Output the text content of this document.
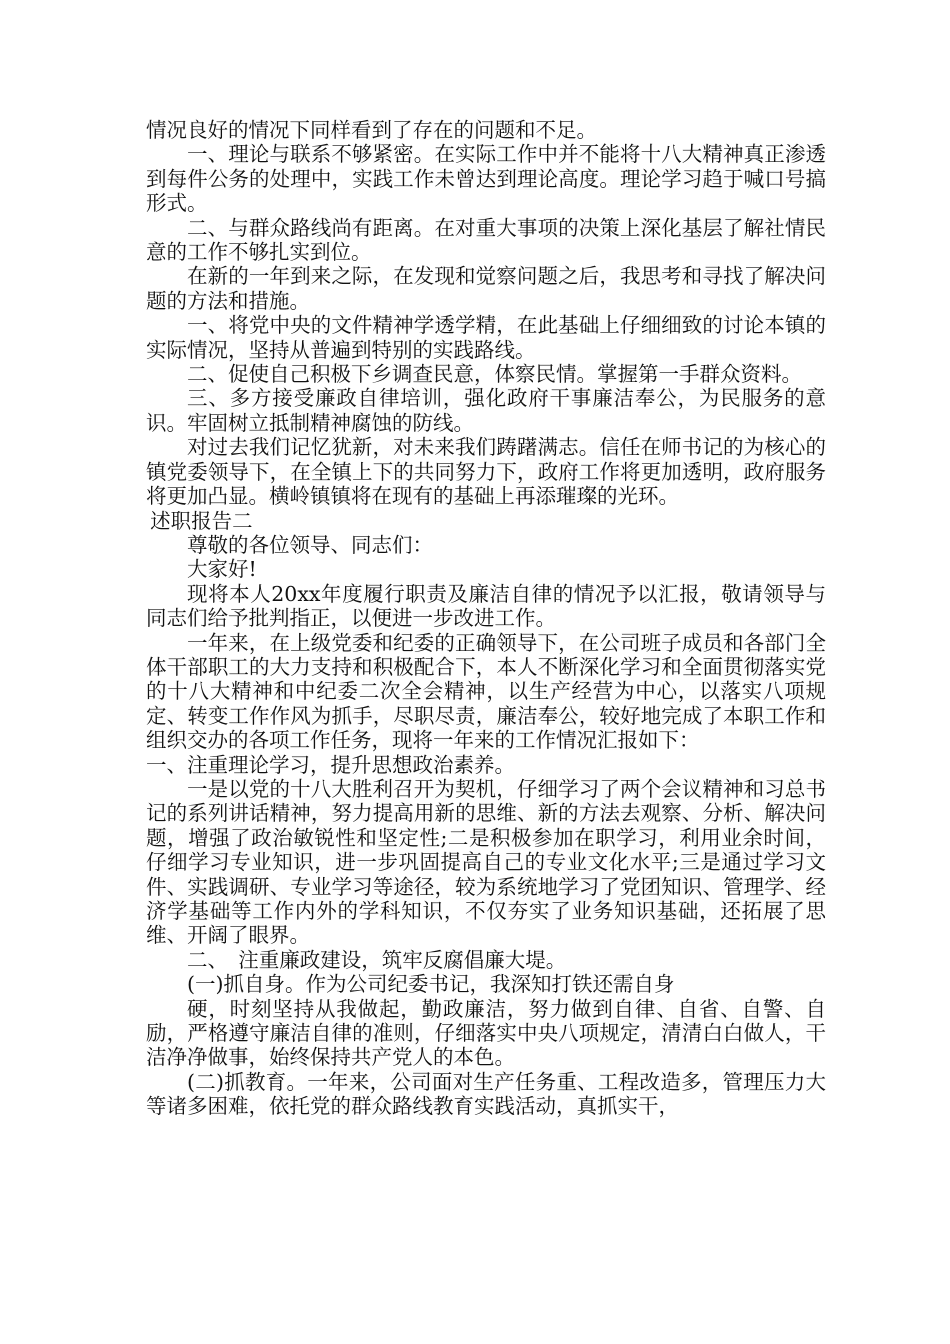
情况良好的情况下同样看到了存在的问题和不足。

一、理论与联系不够紧密。在实际工作中并不能将十八大精神真正渗透到每件公务的处理中，实践工作未曾达到理论高度。理论学习趋于喊口号搞形式。

二、与群众路线尚有距离。在对重大事项的决策上深化基层了解社情民意的工作不够扎实到位。

在新的一年到来之际，在发现和觉察问题之后，我思考和寻找了解决问题的方法和措施。

一、将党中央的文件精神学透学精，在此基础上仔细细致的讨论本镇的实际情况，坚持从普遍到特别的实践路线。

二、促使自己积极下乡调查民意，体察民情。掌握第一手群众资料。

三、多方接受廉政自律培训，强化政府干事廉洁奉公，为民服务的意识。牢固树立抵制精神腐蚀的防线。

对过去我们记忆犹新，对未来我们踌躇满志。信任在师书记的为核心的镇党委领导下，在全镇上下的共同努力下，政府工作将更加透明，政府服务将更加凸显。横岭镇镇将在现有的基础上再添璀璨的光环。

述职报告二

尊敬的各位领导、同志们：

大家好!

现将本人20xx年度履行职责及廉洁自律的情况予以汇报，敬请领导与同志们给予批判指正，以便进一步改进工作。

一年来，在上级党委和纪委的正确领导下，在公司班子成员和各部门全体干部职工的大力支持和积极配合下，本人不断深化学习和全面贯彻落实党的十八大精神和中纪委二次全会精神，以生产经营为中心，以落实八项规定、转变工作作风为抓手，尽职尽责，廉洁奉公，较好地完成了本职工作和组织交办的各项工作任务，现将一年来的工作情况汇报如下：

一、注重理论学习，提升思想政治素养。

一是以党的十八大胜利召开为契机，仔细学习了两个会议精神和习总书记的系列讲话精神，努力提高用新的思维、新的方法去观察、分析、解决问题，增强了政治敏锐性和坚定性;二是积极参加在职学习，利用业余时间，仔细学习专业知识，进一步巩固提高自己的专业文化水平;三是通过学习文件、实践调研、专业学习等途径，较为系统地学习了党团知识、管理学、经济学基础等工作内外的学科知识，不仅夯实了业务知识基础，还拓展了思维、开阔了眼界。

二、　注重廉政建设，筑牢反腐倡廉大堤。

(一)抓自身。作为公司纪委书记，我深知打铁还需自身

硬，时刻坚持从我做起，勤政廉洁，努力做到自律、自省、自警、自励，严格遵守廉洁自律的准则，仔细落实中央八项规定，清清白白做人，干洁净净做事，始终保持共产党人的本色。

(二)抓教育。一年来，公司面对生产任务重、工程改造多，管理压力大等诸多困难，依托党的群众路线教育实践活动，真抓实干，
